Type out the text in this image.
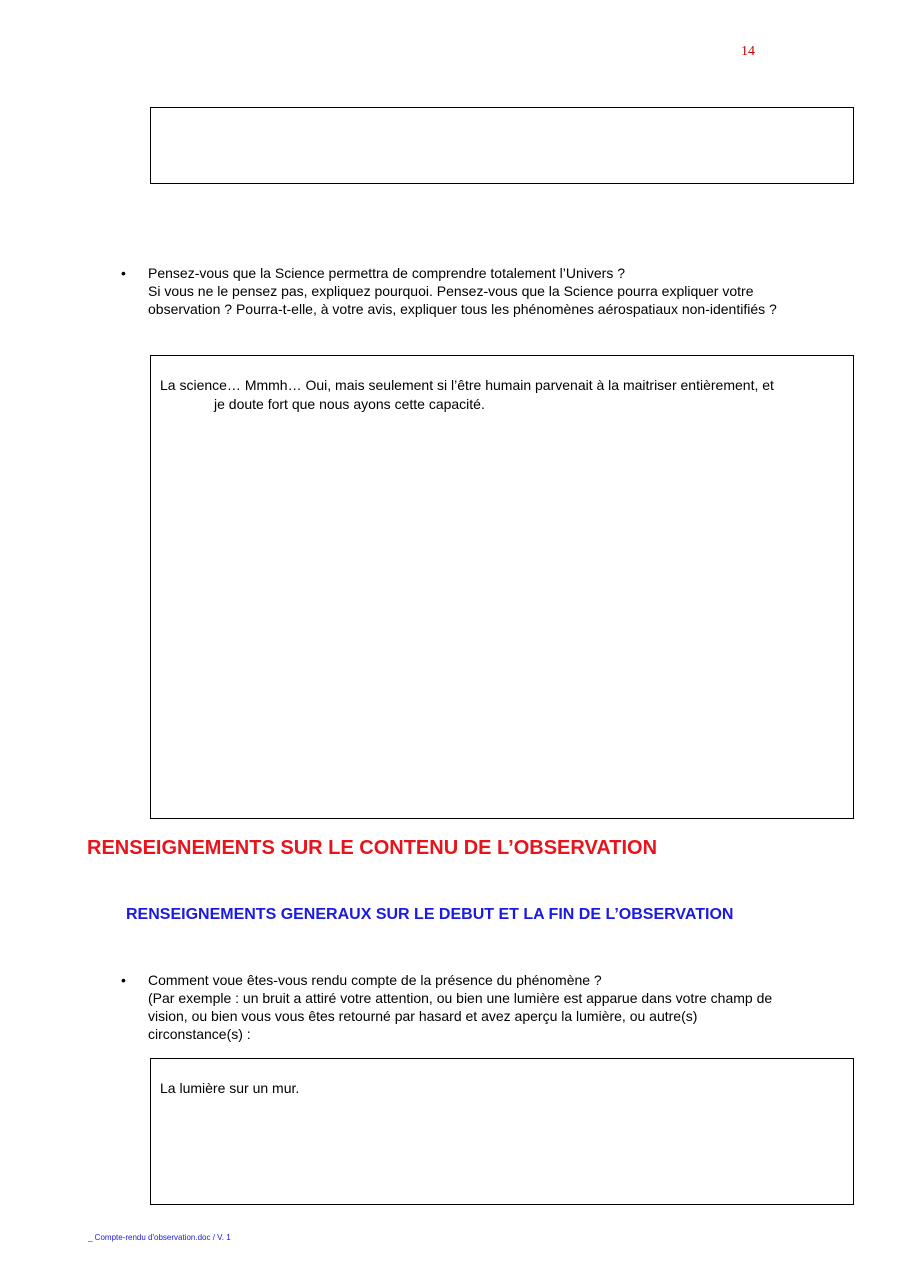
14
• Pensez-vous que la Science permettra de comprendre totalement l’Univers ?
Si vous ne le pensez pas, expliquez pourquoi. Pensez-vous que la Science pourra expliquer votre
observation ? Pourra-t-elle, à votre avis, expliquer tous les phénomènes aérospatiaux non-identifiés ?
La science… Mmmh… Oui, mais seulement si l’être humain parvenait à la maitriser entièrement, et
je doute fort que nous ayons cette capacité.
RENSEIGNEMENTS SUR LE CONTENU DE L’OBSERVATION
RENSEIGNEMENTS GENERAUX SUR LE DEBUT ET LA FIN DE L’OBSERVATION
• Comment voue êtes-vous rendu compte de la présence du phénomène ?
(Par exemple : un bruit a attiré votre attention, ou bien une lumière est apparue dans votre champ de
vision, ou bien vous vous êtes retourné par hasard et avez aperçu la lumière, ou autre(s)
circonstance(s) :
La lumière sur un mur.
_ Compte-rendu d'observation.doc / V. 1
